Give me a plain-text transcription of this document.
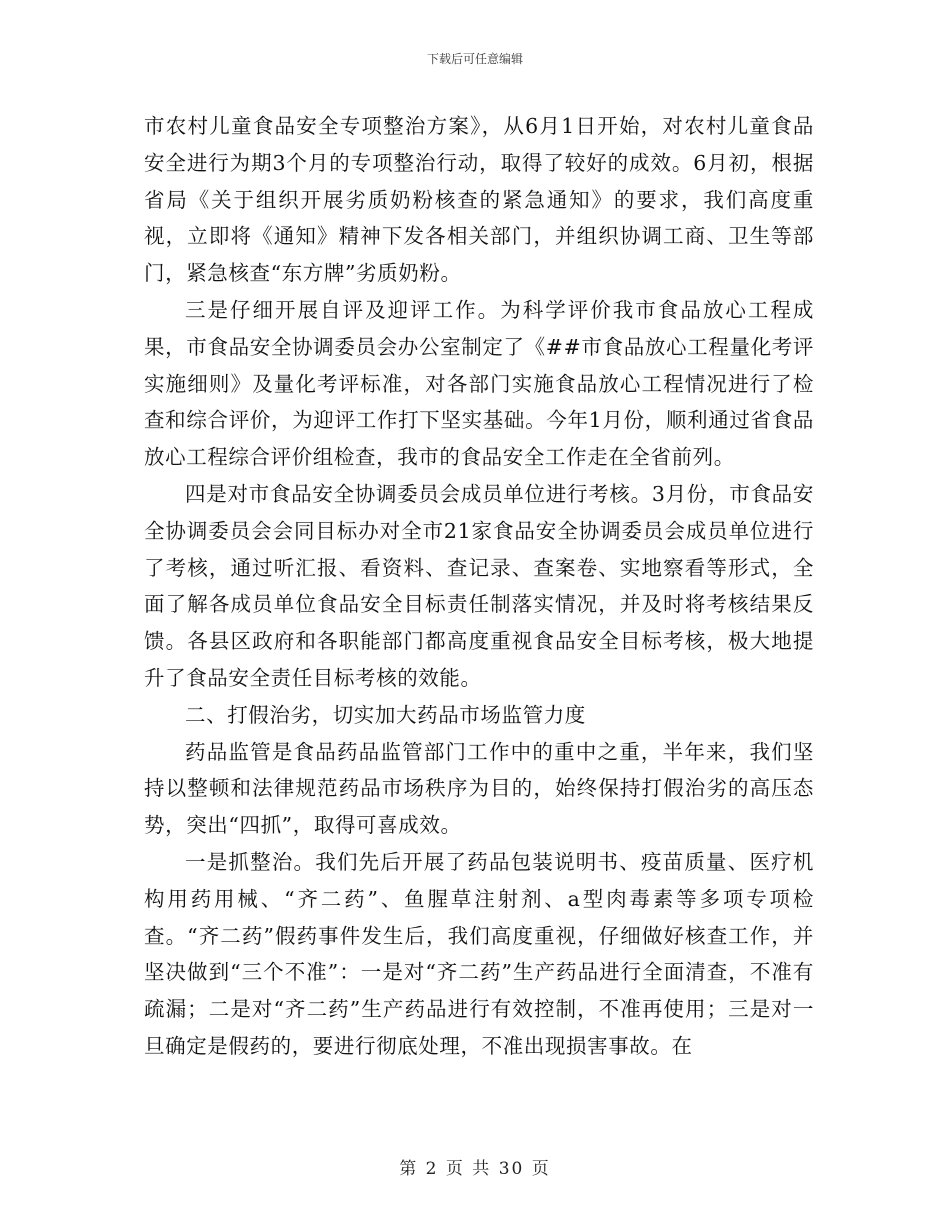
下载后可任意编辑

市农村儿童食品安全专项整治方案》，从6月1日开始，对农村儿童食品安全进行为期3个月的专项整治行动，取得了较好的成效。6月初，根据省局《关于组织开展劣质奶粉核查的紧急通知》的要求，我们高度重视，立即将《通知》精神下发各相关部门，并组织协调工商、卫生等部门，紧急核查“东方牌”劣质奶粉。

三是仔细开展自评及迎评工作。为科学评价我市食品放心工程成果，市食品安全协调委员会办公室制定了《##市食品放心工程量化考评实施细则》及量化考评标准，对各部门实施食品放心工程情况进行了检查和综合评价，为迎评工作打下坚实基础。今年1月份，顺利通过省食品放心工程综合评价组检查，我市的食品安全工作走在全省前列。

四是对市食品安全协调委员会成员单位进行考核。3月份，市食品安全协调委员会会同目标办对全市21家食品安全协调委员会成员单位进行了考核，通过听汇报、看资料、查记录、查案卷、实地察看等形式，全面了解各成员单位食品安全目标责任制落实情况，并及时将考核结果反馈。各县区政府和各职能部门都高度重视食品安全目标考核，极大地提升了食品安全责任目标考核的效能。

二、打假治劣，切实加大药品市场监管力度

药品监管是食品药品监管部门工作中的重中之重，半年来，我们坚持以整顿和法律规范药品市场秩序为目的，始终保持打假治劣的高压态势，突出“四抓”，取得可喜成效。

一是抓整治。我们先后开展了药品包装说明书、疫苗质量、医疗机构用药用械、“齐二药”、鱼腥草注射剂、a型肉毒素等多项专项检查。“齐二药”假药事件发生后，我们高度重视，仔细做好核查工作，并坚决做到“三个不准”：一是对“齐二药”生产药品进行全面清查，不准有疏漏；二是对“齐二药”生产药品进行有效控制，不准再使用；三是对一旦确定是假药的，要进行彻底处理，不准出现损害事故。在

第 2 页 共 30 页
